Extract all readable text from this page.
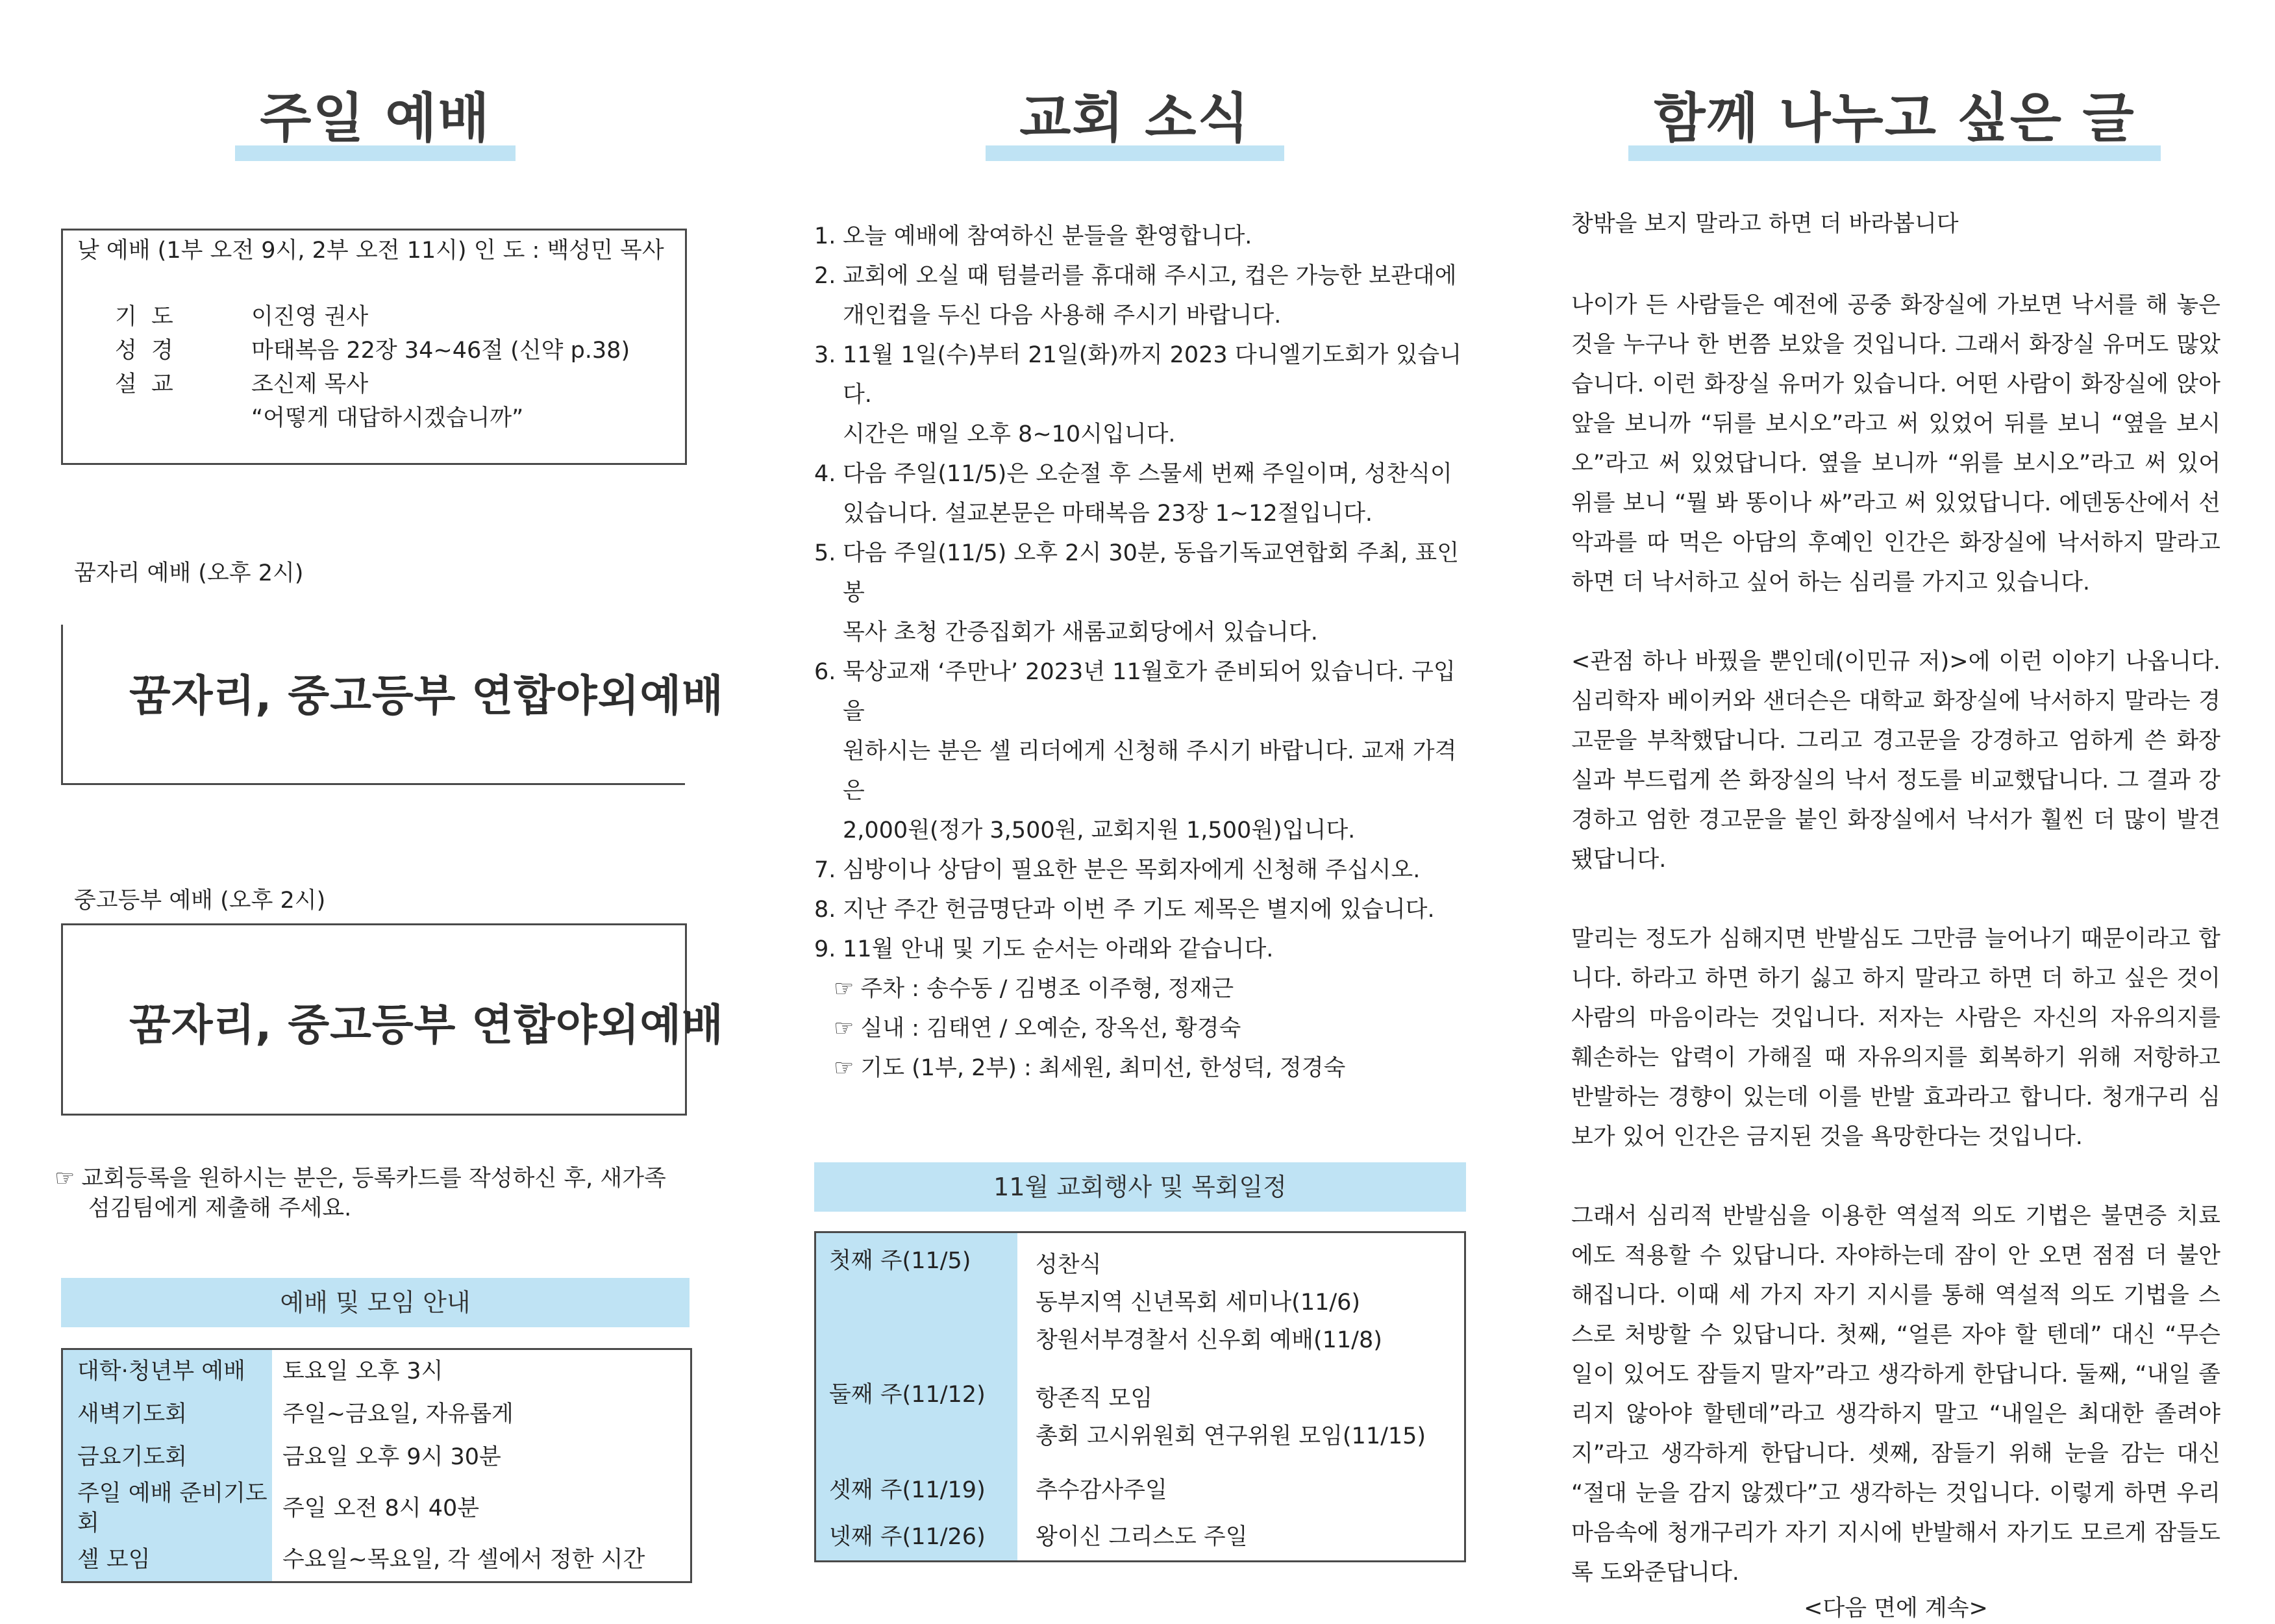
주일 예배
낮 예배 (1부 오전 9시, 2부 오전 11시) 인 도 : 백성민 목사
기  도	이진영 권사
성  경	마태복음 22장 34~46절 (신약 p.38)
설  교	조신제 목사
“어떻게 대답하시겠습니까”
꿈자리 예배 (오후 2시)
꿈자리, 중고등부 연합야외예배
중고등부 예배 (오후 2시)
꿈자리, 중고등부 연합야외예배
☞ 교회등록을 원하시는 분은, 등록카드를 작성하신 후, 새가족
섬김팀에게 제출해 주세요.
예배 및 모임 안내
대학·청년부 예배	토요일 오후 3시
새벽기도회	주일~금요일, 자유롭게
금요기도회	금요일 오후 9시 30분
주일 예배 준비기도회	주일 오전 8시 40분
셀 모임	수요일~목요일, 각 셀에서 정한 시간
교회 소식
1. 오늘 예배에 참여하신 분들을 환영합니다.

2. 교회에 오실 때 텀블러를 휴대해 주시고, 컵은 가능한 보관대에

개인컵을 두신 다음 사용해 주시기 바랍니다.

3. 11월 1일(수)부터 21일(화)까지 2023 다니엘기도회가 있습니다.

시간은 매일 오후 8~10시입니다.

4. 다음 주일(11/5)은 오순절 후 스물세 번째 주일이며, 성찬식이

있습니다. 설교본문은 마태복음 23장 1~12절입니다.

5. 다음 주일(11/5) 오후 2시 30분, 동읍기독교연합회 주최, 표인봉

목사 초청 간증집회가 새롬교회당에서 있습니다.

6. 묵상교재 ‘주만나’ 2023년 11월호가 준비되어 있습니다. 구입을

원하시는 분은 셀 리더에게 신청해 주시기 바랍니다. 교재 가격은

2,000원(정가 3,500원, 교회지원 1,500원)입니다.

7. 심방이나 상담이 필요한 분은 목회자에게 신청해 주십시오.

8. 지난 주간 헌금명단과 이번 주 기도 제목은 별지에 있습니다.

9. 11월 안내 및 기도 순서는 아래와 같습니다.

☞ 주차 : 송수동 / 김병조 이주형, 정재근
☞ 실내 : 김태연 / 오예순, 장옥선, 황경숙
☞ 기도 (1부, 2부) : 최세원, 최미선, 한성덕, 정경숙
11월 교회행사 및 목회일정
첫째 주(11/5)	성찬식
동부지역 신년목회 세미나(11/6)
창원서부경찰서 신우회 예배(11/8)

둘째 주(11/12)	항존직 모임
총회 고시위원회 연구위원 모임(11/15)

셋째 주(11/19)	추수감사주일

넷째 주(11/26)	왕이신 그리스도 주일
함께 나누고 싶은 글
창밖을 보지 말라고 하면 더 바라봅니다

나이가 든 사람들은 예전에 공중 화장실에 가보면 낙서를 해 놓은 것을 누구나 한 번쯤 보았을 것입니다. 그래서 화장실 유머도 많았습니다. 이런 화장실 유머가 있습니다. 어떤 사람이 화장실에 앉아 앞을 보니까 “뒤를 보시오”라고 써 있었어 뒤를 보니 “옆을 보시오”라고 써 있었답니다. 옆을 보니까 “위를 보시오”라고 써 있어 위를 보니 “뭘 봐 똥이나 싸”라고 써 있었답니다. 에덴동산에서 선악과를 따 먹은 아담의 후예인 인간은 화장실에 낙서하지 말라고 하면 더 낙서하고 싶어 하는 심리를 가지고 있습니다.

<관점 하나 바꿨을 뿐인데(이민규 저)>에 이런 이야기 나옵니다. 심리학자 베이커와 샌더슨은 대학교 화장실에 낙서하지 말라는 경고문을 부착했답니다. 그리고 경고문을 강경하고 엄하게 쓴 화장실과 부드럽게 쓴 화장실의 낙서 정도를 비교했답니다. 그 결과 강경하고 엄한 경고문을 붙인 화장실에서 낙서가 훨씬 더 많이 발견됐답니다.

말리는 정도가 심해지면 반발심도 그만큼 늘어나기 때문이라고 합니다. 하라고 하면 하기 싫고 하지 말라고 하면 더 하고 싶은 것이 사람의 마음이라는 것입니다. 저자는 사람은 자신의 자유의지를 훼손하는 압력이 가해질 때 자유의지를 회복하기 위해 저항하고 반발하는 경향이 있는데 이를 반발 효과라고 합니다. 청개구리 심보가 있어 인간은 금지된 것을 욕망한다는 것입니다.

그래서 심리적 반발심을 이용한 역설적 의도 기법은 불면증 치료에도 적용할 수 있답니다. 자야하는데 잠이 안 오면 점점 더 불안해집니다. 이때 세 가지 자기 지시를 통해 역설적 의도 기법을 스스로 처방할 수 있답니다. 첫째, “얼른 자야 할 텐데” 대신 “무슨 일이 있어도 잠들지 말자”라고 생각하게 한답니다. 둘째, “내일 졸리지 않아야 할텐데”라고 생각하지 말고 “내일은 최대한 졸려야지”라고 생각하게 한답니다. 셋째, 잠들기 위해 눈을 감는 대신 “절대 눈을 감지 않겠다”고 생각하는 것입니다. 이렇게 하면 우리 마음속에 청개구리가 자기 지시에 반발해서 자기도 모르게 잠들도록 도와준답니다.

<다음 면에 계속>
